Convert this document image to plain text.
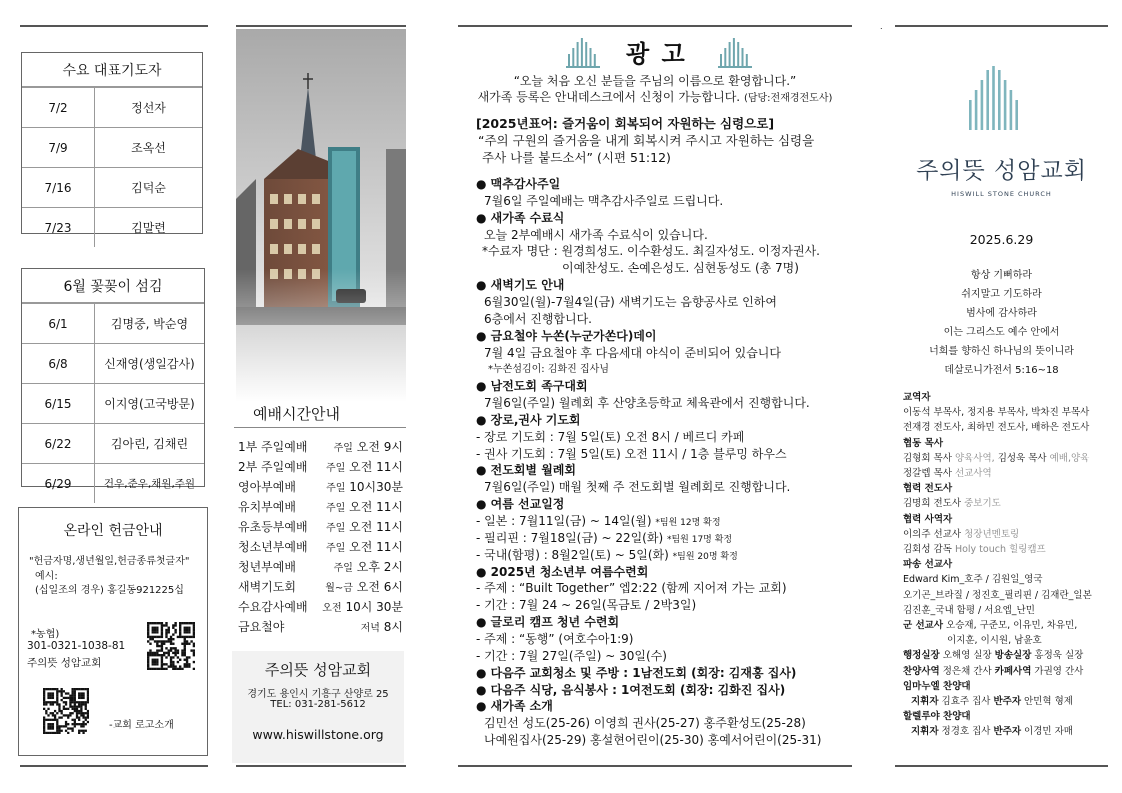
수요 대표기도자
7/2	정선자
7/9	조옥선
7/16	김덕순
7/23	김말련
6월 꽃꽂이 섬김
6/1	김명중, 박순영
6/8	신재영(생일감사)
6/15	이지영(고국방문)
6/22	김아린, 김채린
6/29	건우,준우,채원,주원
온라인 헌금안내
"헌금자명,생년월일,헌금종류첫글자"
예시:
(십일조의 경우) 홍길동921225십
*농협)
301-0321-1038-81
주의뜻 성암교회
-교회 로고소개
예배시간안내
1부 주일예배	주일 오전 9시
2부 주일예배 주일 오전 11시
영아부예배	주일 10시30분
유치부예배	주일 오전 11시
유초등부예배 주일 오전 11시
청소년부예배 주일 오전 11시
청년부예배	주일 오후 2시
새벽기도회	월~금 오전 6시
수요감사예배 오전 10시 30분
금요철야	저녁 8시
주의뜻 성암교회
경기도 용인시 기흥구 산양로 25
TEL: 031-281-5612
www.hiswillstone.org
광 고
“오늘 처음 오신 분들을 주님의 이름으로 환영합니다.”
새가족 등록은 안내데스크에서 신청이 가능합니다. (담당:전재경전도사)
[2025년표어: 즐거움이 회복되어 자원하는 심령으로]
“주의 구원의 즐거움을 내게 회복시켜 주시고 자원하는 심령을
주사 나를 붙드소서” (시편 51:12)
● 맥추감사주일
7월6일 주일예배는 맥추감사주일로 드립니다.
● 새가족 수료식
오늘 2부예배시 새가족 수료식이 있습니다.
*수료자 명단 : 원경희성도. 이수환성도. 최길자성도. 이정자권사.
이예찬성도. 손예은성도. 심현동성도 (총 7명)
● 새벽기도 안내
6월30일(월)-7월4일(금) 새벽기도는 음향공사로 인하여
6층에서 진행합니다.
● 금요철야 누쏜(누군가쏜다)데이
7월 4일 금요철야 후 다음세대 야식이 준비되어 있습니다
*누쏜섬김이: 김화진 집사님
● 남전도회 족구대회
7월6일(주일) 월례회 후 산양초등학교 체육관에서 진행합니다.
● 장로,권사 기도회
- 장로 기도회 : 7월 5일(토) 오전 8시 / 베르디 카페
- 권사 기도회 : 7월 5일(토) 오전 11시 / 1층 블루밍 하우스
● 전도회별 월례회
7월6일(주일) 매월 첫째 주 전도회별 월례회로 진행합니다.
● 여름 선교일정
- 일본 : 7월11일(금) ~ 14일(월) *팀원 12명 확정
- 필리핀 : 7월18일(금) ~ 22일(화) *팀원 17명 확정
- 국내(함평) : 8월2일(토) ~ 5일(화) *팀원 20명 확정
● 2025년 청소년부 여름수련회
- 주제 : “Built Together” 엡2:22 (함께 지어져 가는 교회)
- 기간 : 7월 24 ~ 26일(목금토 / 2박3일)
● 글로리 캠프 청년 수련회
- 주제 : “동행” (여호수아1:9)
- 기간 : 7월 27일(주일) ~ 30일(수)
● 다음주 교회청소 및 주방 : 1남전도회 (회장: 김재홍 집사)
● 다음주 식당, 음식봉사 : 1여전도회 (회장: 김화진 집사)
● 새가족 소개
김민선 성도(25-26) 이영희 권사(25-27) 홍주환성도(25-28)
나예원집사(25-29) 홍설현어린이(25-30) 홍예서어린이(25-31)
.
주의뜻 성암교회
HISWILL STONE CHURCH
2025.6.29
항상 기뻐하라
쉬지말고 기도하라
범사에 감사하라
이는 그리스도 예수 안에서
너희를 향하신 하나님의 뜻이니라
데살로니가전서 5:16~18
교역자
이동석 부목사, 정지용 부목사, 박차진 부목사
전재경 전도사, 최하민 전도사, 배하은 전도사
협동 목사
김형회 목사 양육사역, 김성욱 목사 예배,양육
정갈렙 목사 선교사역
협력 전도사
김명희 전도사 중보기도
협력 사역자
이의주 선교사 청장년멘토링
김회성 감독 Holy touch 힐링캠프
파송 선교사
Edward Kim_호주 / 김원일_영국
오기곤_브라질 / 정진호_필리핀 / 김재란_일본
김진훈_국내 함평 / 서요엡_난민
군 선교사 오승재, 구준모, 이유민, 차유민,
이지훈, 이시원, 남윤호
행정실장 오해영 실장 방송실장 홍정욱 실장
찬양사역 정은채 간사 카페사역 가권영 간사
임마누엘 찬양대
지휘자 김효주 집사 반주자 안민혁 형제
할렐루야 찬양대
지휘자 정경호 집사 반주자 이경민 자매
